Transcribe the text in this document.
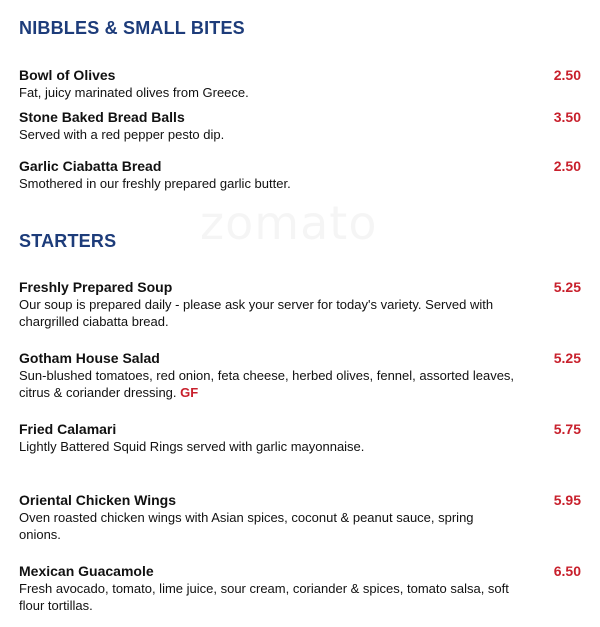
NIBBLES & SMALL BITES
Bowl of Olives
Fat, juicy marinated olives from Greece.
2.50
Stone Baked Bread Balls
Served with a red pepper pesto dip.
3.50
Garlic Ciabatta Bread
Smothered in our freshly prepared garlic butter.
2.50
STARTERS
Freshly Prepared Soup
Our soup is prepared daily - please ask your server for today's variety. Served with chargrilled ciabatta bread.
5.25
Gotham House Salad
Sun-blushed tomatoes, red onion, feta cheese, herbed olives, fennel, assorted leaves, citrus & coriander dressing. GF
5.25
Fried Calamari
Lightly Battered Squid Rings served with garlic mayonnaise.
5.75
Oriental Chicken Wings
Oven roasted chicken wings with Asian spices, coconut & peanut sauce, spring onions.
5.95
Mexican Guacamole
Fresh avocado, tomato, lime juice, sour cream, coriander & spices, tomato salsa, soft flour tortillas.
6.50
